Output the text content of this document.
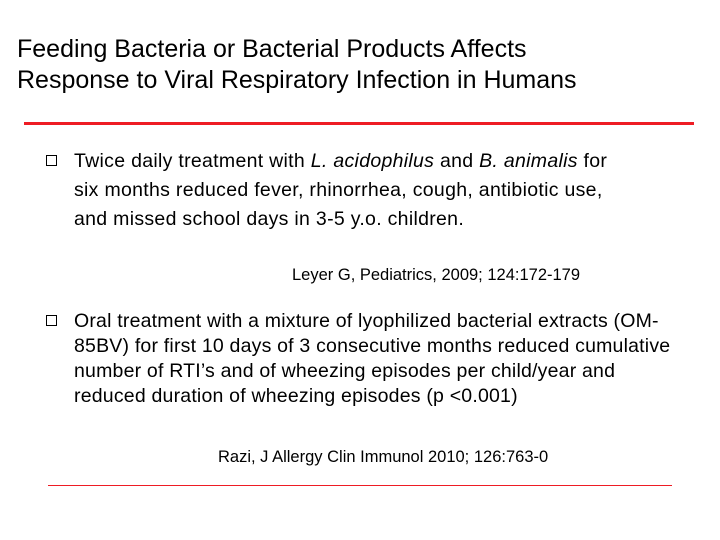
Feeding Bacteria or Bacterial Products Affects
Response to Viral Respiratory Infection in Humans
Twice daily treatment with L. acidophilus and B. animalis for six months reduced fever, rhinorrhea, cough, antibiotic use, and missed school days in 3-5 y.o. children.
Leyer G, Pediatrics, 2009; 124:172-179
Oral treatment with a mixture of lyophilized bacterial extracts (OM-85BV) for first 10 days of 3 consecutive months reduced cumulative number of RTI’s and of wheezing episodes per child/year and reduced duration of wheezing episodes (p <0.001)
Razi, J Allergy Clin Immunol 2010; 126:763-0
